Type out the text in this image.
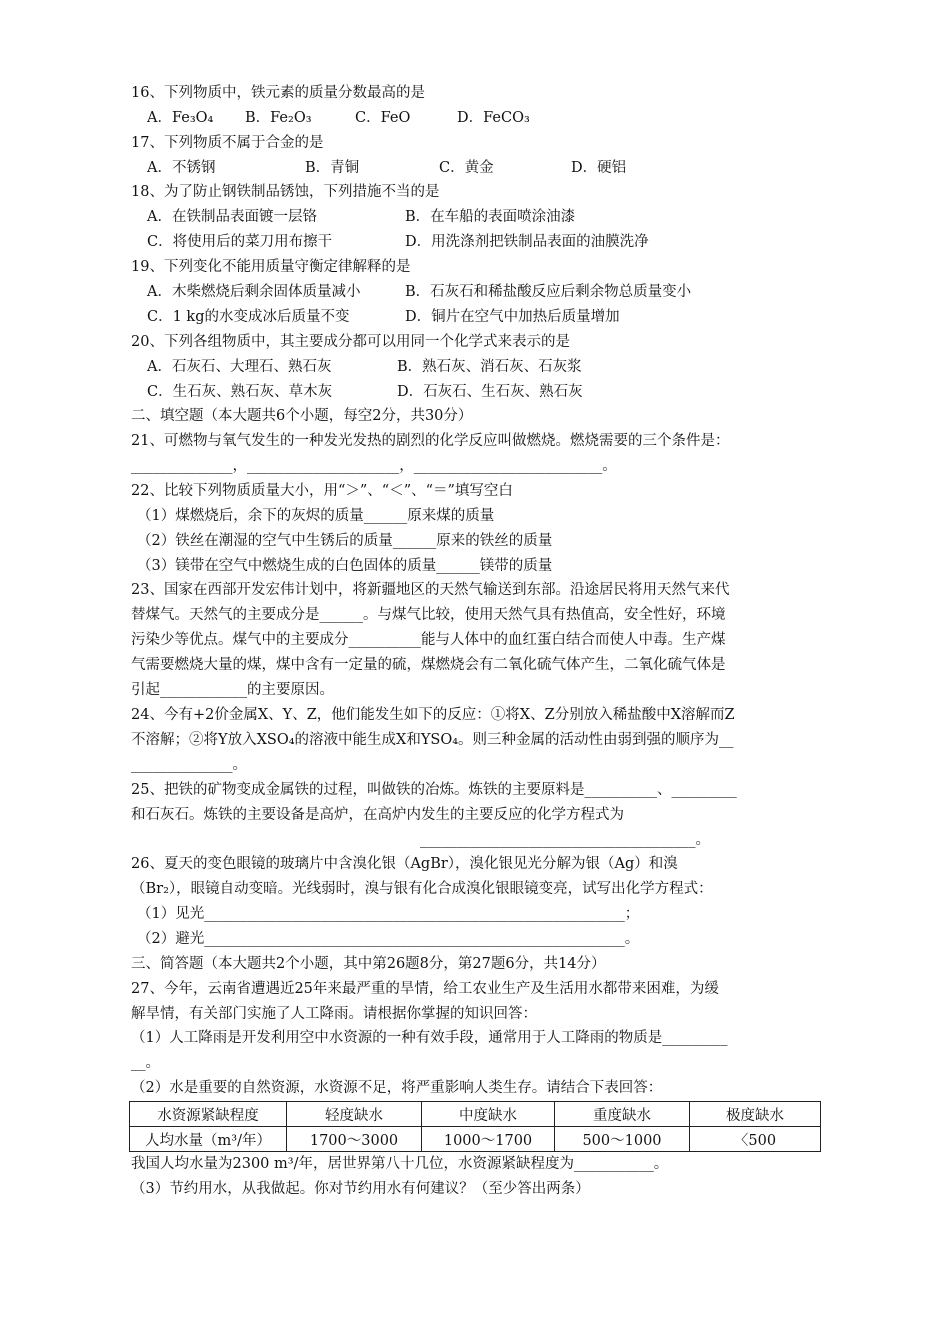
16、下列物质中，铁元素的质量分数最高的是
A．Fe₃O₄ B．Fe₂O₃	C．FeO	D．FeCO₃
17、下列物质不属于合金的是
A．不锈钢	B．青铜	C．黄金	D．硬铝
18、为了防止钢铁制品锈蚀，下列措施不当的是
A．在铁制品表面镀一层铬	B．在车船的表面喷涂油漆
C．将使用后的菜刀用布擦干	D．用洗涤剂把铁制品表面的油膜洗净
19、下列变化不能用质量守衡定律解释的是
A．木柴燃烧后剩余固体质量减小	B．石灰石和稀盐酸反应后剩余物总质量变小
C．1 kg的水变成冰后质量不变	D．铜片在空气中加热后质量增加
20、下列各组物质中，其主要成分都可以用同一个化学式来表示的是
A．石灰石、大理石、熟石灰	B．熟石灰、消石灰、石灰浆
C．生石灰、熟石灰、草木灰	D．石灰石、生石灰、熟石灰
二、填空题（本大题共6个小题，每空2分，共30分）
21、可燃物与氧气发生的一种发光发热的剧烈的化学反应叫做燃烧。燃烧需要的三个条件是：
______________，_____________________，__________________________。
22、比较下列物质质量大小，用“＞”、“＜”、“＝”填写空白
（1）煤燃烧后，余下的灰烬的质量______原来煤的质量
（2）铁丝在潮湿的空气中生锈后的质量______原来的铁丝的质量
（3）镁带在空气中燃烧生成的白色固体的质量______镁带的质量
23、国家在西部开发宏伟计划中，将新疆地区的天然气输送到东部。沿途居民将用天然气来代
替煤气。天然气的主要成分是______。与煤气比较，使用天然气具有热值高，安全性好，环境
污染少等优点。煤气中的主要成分__________能与人体中的血红蛋白结合而使人中毒。生产煤
气需要燃烧大量的煤，煤中含有一定量的硫，煤燃烧会有二氧化硫气体产生，二氧化硫气体是
引起____________的主要原因。
24、今有+2价金属X、Y、Z，他们能发生如下的反应：①将X、Z分别放入稀盐酸中X溶解而Z
不溶解；②将Y放入XSO₄的溶液中能生成X和YSO₄。则三种金属的活动性由弱到强的顺序为__
______________。
25、把铁的矿物变成金属铁的过程，叫做铁的冶炼。炼铁的主要原料是__________、_________
和石灰石。炼铁的主要设备是高炉，在高炉内发生的主要反应的化学方程式为
______________________________________。
26、夏天的变色眼镜的玻璃片中含溴化银（AgBr），溴化银见光分解为银（Ag）和溴
（Br₂），眼镜自动变暗。光线弱时，溴与银有化合成溴化银眼镜变亮，试写出化学方程式：
（1）见光__________________________________________________________；
（2）避光__________________________________________________________。
三、简答题（本大题共2个小题，其中第26题8分，第27题6分，共14分）
27、今年，云南省遭遇近25年来最严重的旱情，给工农业生产及生活用水都带来困难，为缓
解旱情，有关部门实施了人工降雨。请根据你掌握的知识回答：
（1）人工降雨是开发利用空中水资源的一种有效手段，通常用于人工降雨的物质是_________
__。
（2）水是重要的自然资源，水资源不足，将严重影响人类生存。请结合下表回答：
水资源紧缺程度	轻度缺水	中度缺水	重度缺水	极度缺水
人均水量（m³/年）	1700～3000	1000～1700	500～1000	〈500
我国人均水量为2300 m³/年，居世界第八十几位，水资源紧缺程度为___________。
（3）节约用水，从我做起。你对节约用水有何建议？（至少答出两条）
